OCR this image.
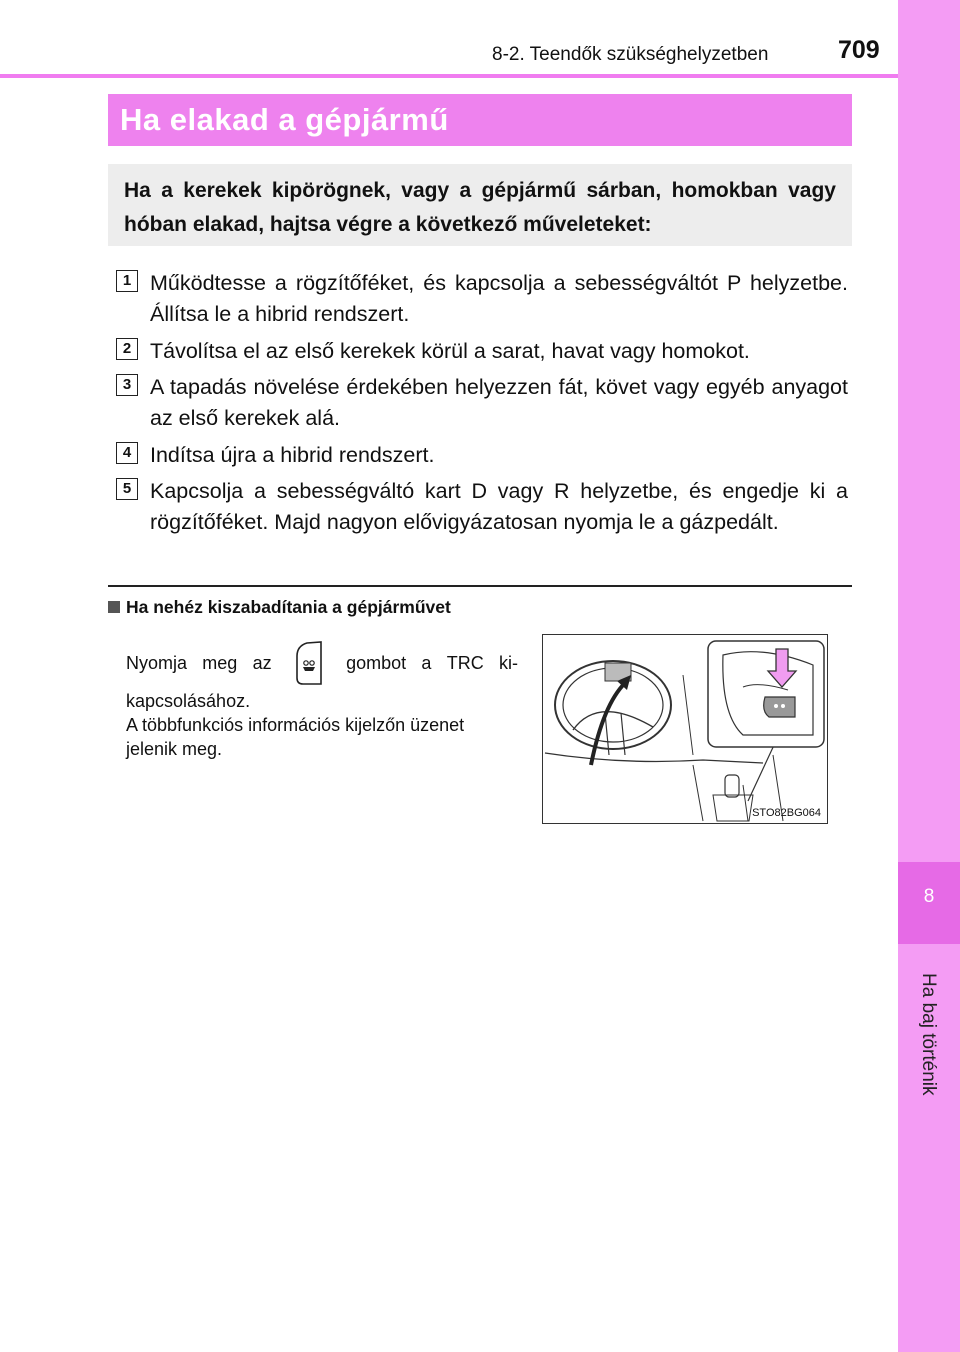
8-2. Teendők szükséghelyzetben	709
8
Ha baj történik
Ha elakad a gépjármű
Ha a kerekek kipörögnek, vagy a gépjármű sárban, homokban vagy hóban elakad, hajtsa végre a következő műveleteket:
1 Működtesse a rögzítőféket, és kapcsolja a sebességváltót P helyzetbe. Állítsa le a hibrid rendszert.
2 Távolítsa el az első kerekek körül a sarat, havat vagy homokot.
3 A tapadás növelése érdekében helyezzen fát, követ vagy egyéb anyagot az első kerekek alá.
4 Indítsa újra a hibrid rendszert.
5 Kapcsolja a sebességváltó kart D vagy R helyzetbe, és engedje ki a rögzítőféket. Majd nagyon elővigyázatosan nyomja le a gázpedált.
Ha nehéz kiszabadítania a gépjárművet
Nyomja meg az	gombot a TRC ki-
kapcsolásához.
A többfunkciós információs kijelzőn üzenet jelenik meg.
STO82BG064
